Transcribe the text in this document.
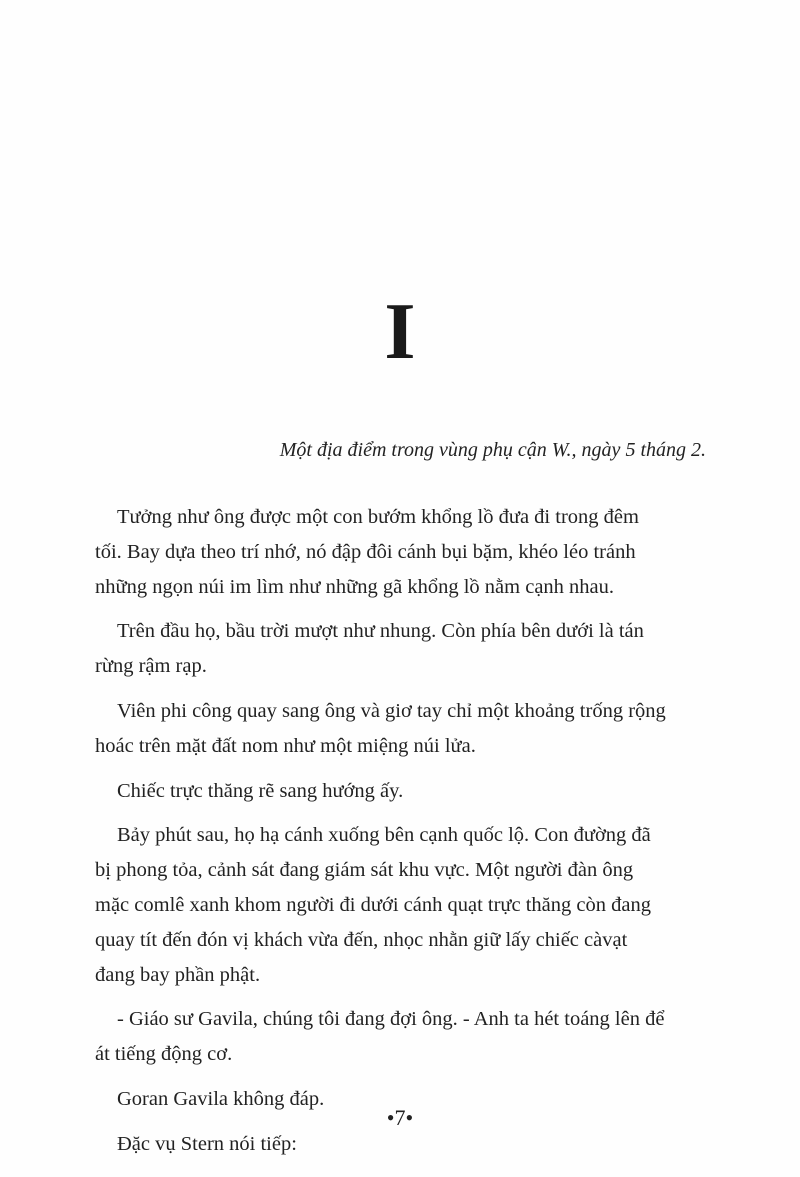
I
Một địa điểm trong vùng phụ cận W., ngày 5 tháng 2.

Tưởng như ông được một con bướm khổng lồ đưa đi trong đêm
tối. Bay dựa theo trí nhớ, nó đập đôi cánh bụi bặm, khéo léo tránh
những ngọn núi im lìm như những gã khổng lồ nằm cạnh nhau.

Trên đầu họ, bầu trời mượt như nhung. Còn phía bên dưới là tán
rừng rậm rạp.

Viên phi công quay sang ông và giơ tay chỉ một khoảng trống rộng
hoác trên mặt đất nom như một miệng núi lửa.

Chiếc trực thăng rẽ sang hướng ấy.

Bảy phút sau, họ hạ cánh xuống bên cạnh quốc lộ. Con đường đã
bị phong tỏa, cảnh sát đang giám sát khu vực. Một người đàn ông
mặc comlê xanh khom người đi dưới cánh quạt trực thăng còn đang
quay tít đến đón vị khách vừa đến, nhọc nhằn giữ lấy chiếc càvạt
đang bay phần phật.

- Giáo sư Gavila, chúng tôi đang đợi ông. - Anh ta hét toáng lên để
át tiếng động cơ.

Goran Gavila không đáp.

Đặc vụ Stern nói tiếp:

•7•
